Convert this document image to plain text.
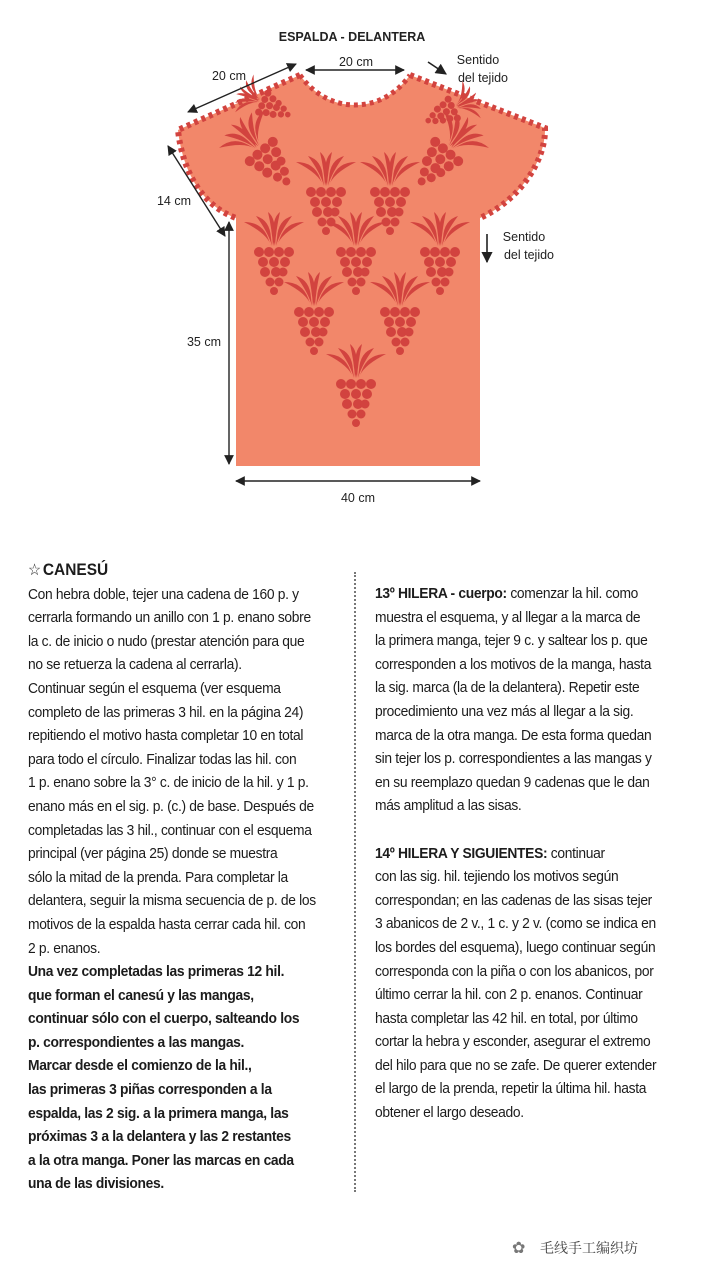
ESPALDA - DELANTERA
20 cm
20 cm
14 cm
35 cm
40 cm
Sentido
del tejido
Sentido
del tejido

☆ CANESÚ

Con hebra doble, tejer una cadena de 160 p. y

cerrarla formando un anillo con 1 p. enano sobre

la c. de inicio o nudo (prestar atención para que

no se retuerza la cadena al cerrarla).

Continuar según el esquema (ver esquema

completo de las primeras 3 hil. en la página 24)

repitiendo el motivo hasta completar 10 en total

para todo el círculo. Finalizar todas las hil. con

1 p. enano sobre la 3° c. de inicio de la hil. y 1 p.

enano más en el sig. p. (c.) de base. Después de

completadas las 3 hil., continuar con el esquema

principal (ver página 25) donde se muestra

sólo la mitad de la prenda. Para completar la

delantera, seguir la misma secuencia de p. de los

motivos de la espalda hasta cerrar cada hil. con

2 p. enanos.

Una vez completadas las primeras 12 hil.

que forman el canesú y las mangas,

continuar sólo con el cuerpo, salteando los

p. correspondientes a las mangas.

Marcar desde el comienzo de la hil.,

las primeras 3 piñas corresponden a la

espalda, las 2 sig. a la primera manga, las

próximas 3 a la delantera y las 2 restantes

a la otra manga. Poner las marcas en cada

una de las divisiones.

13º HILERA - cuerpo: comenzar la hil. como

muestra el esquema, y al llegar a la marca de

la primera manga, tejer 9 c. y saltear los p. que

corresponden a los motivos de la manga, hasta

la sig. marca (la de la delantera). Repetir este

procedimiento una vez más al llegar a la sig.

marca de la otra manga. De esta forma quedan

sin tejer los p. correspondientes a las mangas y

en su reemplazo quedan 9 cadenas que le dan

más amplitud a las sisas.

14º HILERA Y SIGUIENTES: continuar

con las sig. hil. tejiendo los motivos según

correspondan; en las cadenas de las sisas tejer

3 abanicos de 2 v., 1 c. y 2 v. (como se indica en

los bordes del esquema), luego continuar según

corresponda con la piña o con los abanicos, por

último cerrar la hil. con 2 p. enanos. Continuar

hasta completar las 42 hil. en total, por último

cortar la hebra y esconder, asegurar el extremo

del hilo para que no se zafe. De querer extender

el largo de la prenda, repetir la última hil. hasta

obtener el largo deseado.

✿ 毛线手工编织坊
